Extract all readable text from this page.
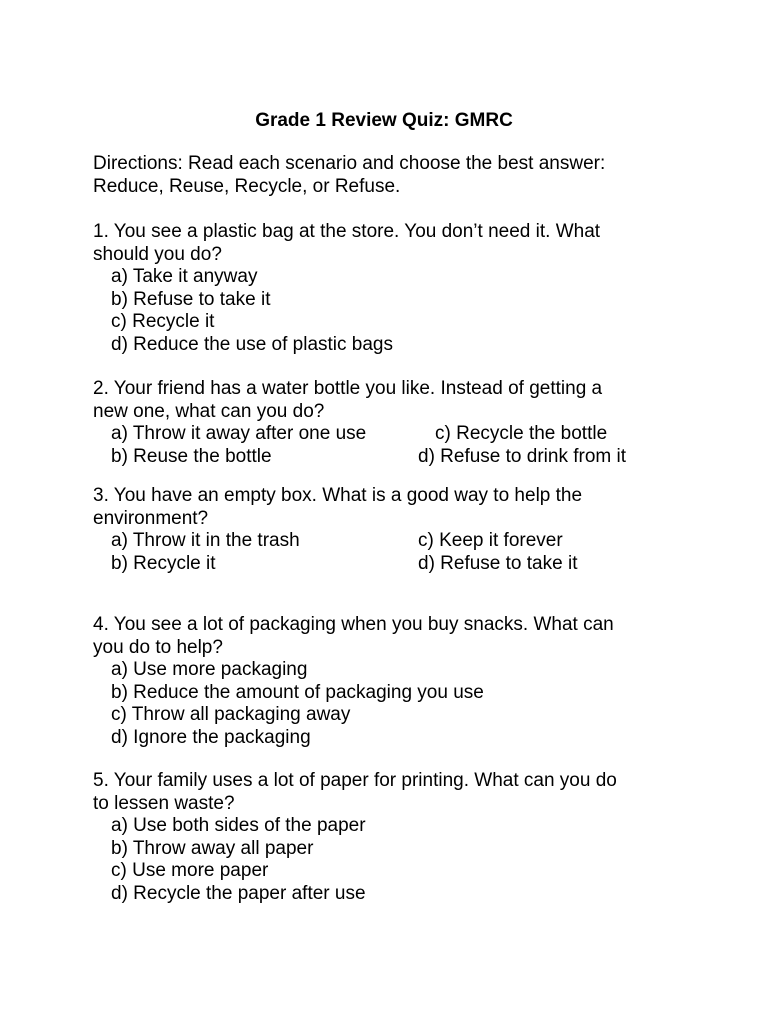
Grade 1 Review Quiz: GMRC
Directions: Read each scenario and choose the best answer:
Reduce, Reuse, Recycle, or Refuse.
1. You see a plastic bag at the store. You don’t need it. What
should you do?
a) Take it anyway
b) Refuse to take it
c) Recycle it
d) Reduce the use of plastic bags
2. Your friend has a water bottle you like. Instead of getting a
new one, what can you do?
a) Throw it away after one use	c) Recycle the bottle
b) Reuse the bottle	d) Refuse to drink from it
3. You have an empty box. What is a good way to help the
environment?
a) Throw it in the trash	c) Keep it forever
b) Recycle it	d) Refuse to take it
4. You see a lot of packaging when you buy snacks. What can
you do to help?
a) Use more packaging
b) Reduce the amount of packaging you use
c) Throw all packaging away
d) Ignore the packaging
5. Your family uses a lot of paper for printing. What can you do
to lessen waste?
a) Use both sides of the paper
b) Throw away all paper
c) Use more paper
d) Recycle the paper after use
